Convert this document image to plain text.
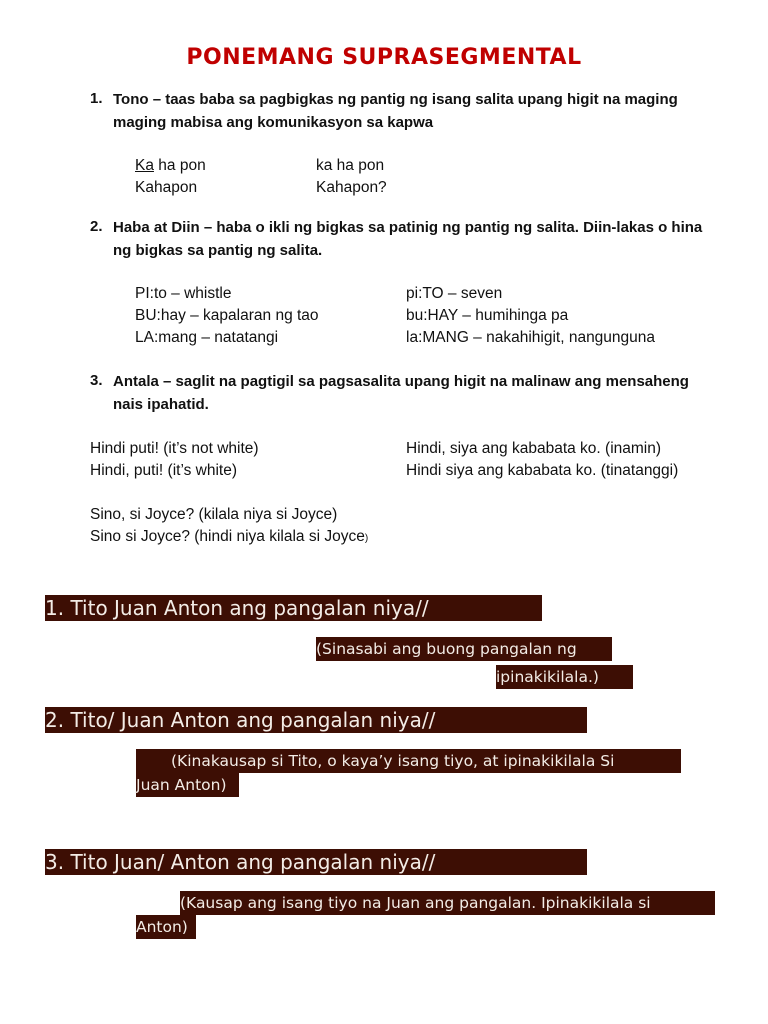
PONEMANG SUPRASEGMENTAL
1. Tono – taas baba sa pagbigkas ng pantig ng isang salita upang higit na maging
maging mabisa ang komunikasyon sa kapwa
Ka ha pon
Kahapon
ka ha pon
Kahapon?
2. Haba at Diin – haba o ikli ng bigkas sa patinig ng pantig ng salita. Diin-lakas o hina
ng bigkas sa pantig ng salita.
PI:to – whistle
BU:hay – kapalaran ng tao
LA:mang – natatangi
pi:TO – seven
bu:HAY – humihinga pa
la:MANG – nakahihigit, nangunguna
3. Antala – saglit na pagtigil sa pagsasalita upang higit na malinaw ang mensaheng
nais ipahatid.
Hindi puti! (it’s not white)
Hindi, puti! (it’s white)
Hindi, siya ang kababata ko. (inamin)
Hindi siya ang kababata ko. (tinatanggi)
Sino, si Joyce? (kilala niya si Joyce)
Sino si Joyce? (hindi niya kilala si Joyce)
1. Tito Juan Anton ang pangalan niya//
(Sinasabi ang buong pangalan ng
ipinakikilala.)
2. Tito/ Juan Anton ang pangalan niya//
(Kinakausap si Tito, o kaya’y isang tiyo, at ipinakikilala Si
Juan Anton)
3. Tito Juan/ Anton ang pangalan niya//
(Kausap ang isang tiyo na Juan ang pangalan. Ipinakikilala si
Anton)
